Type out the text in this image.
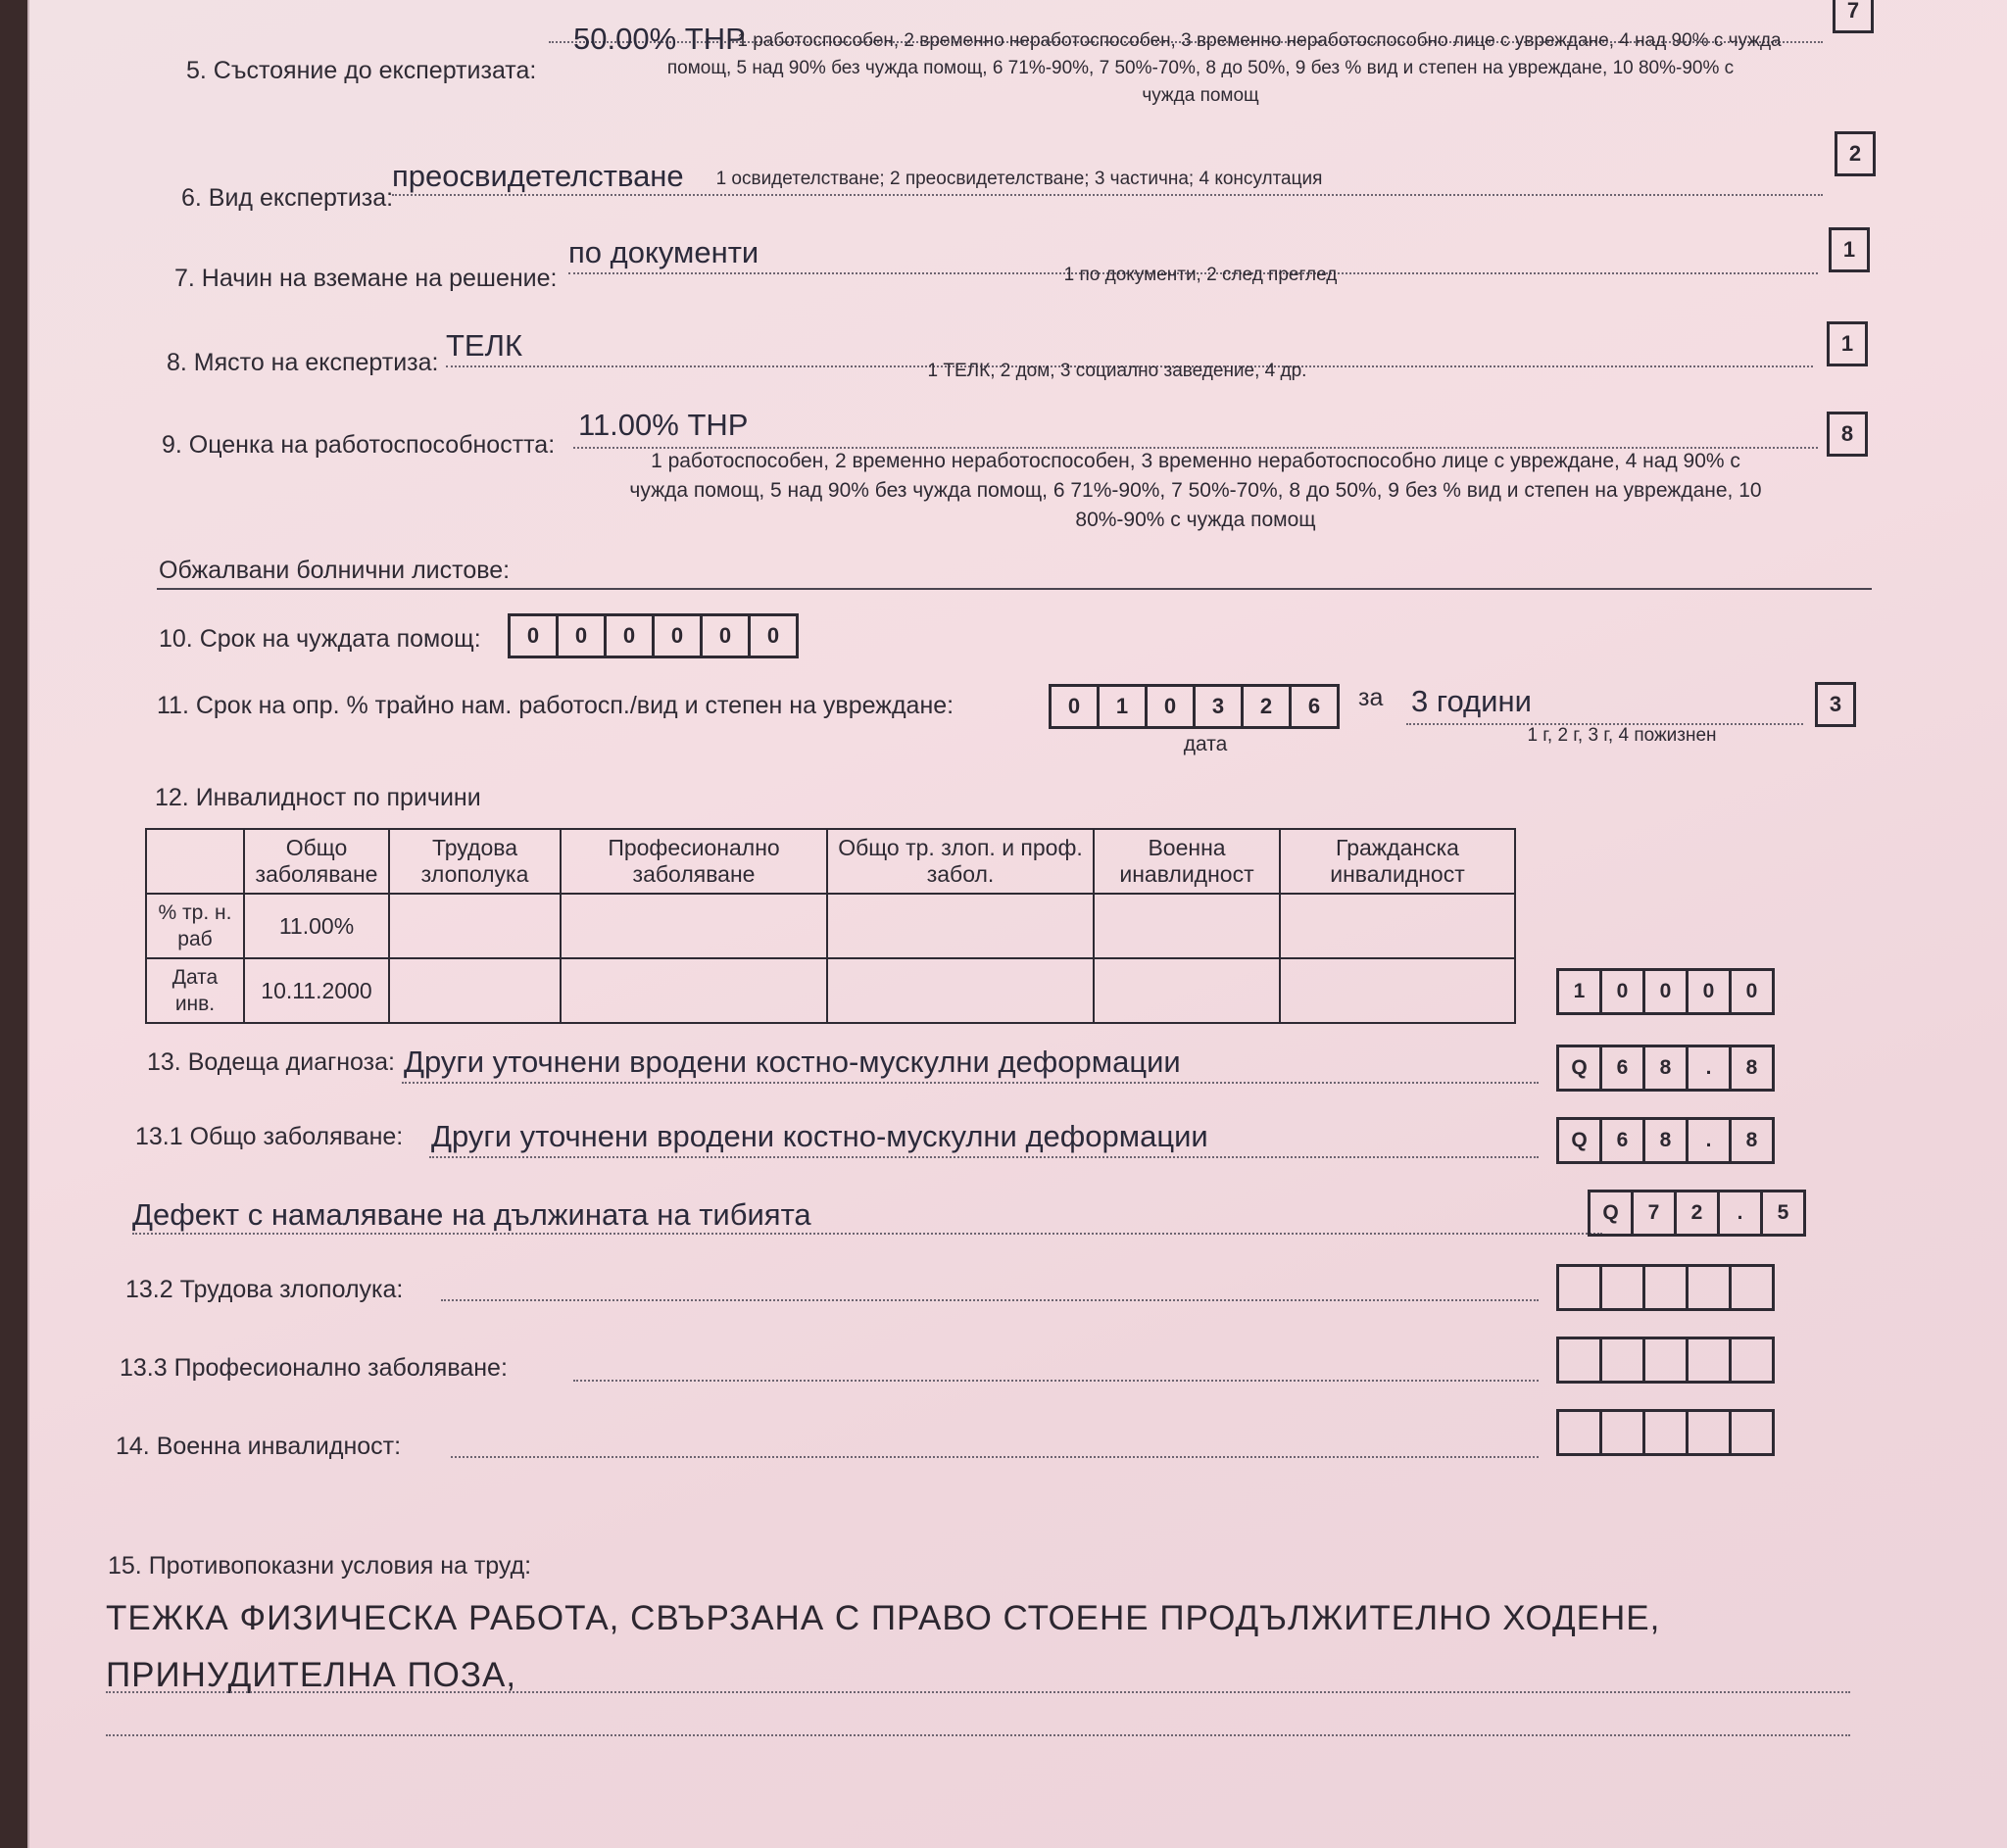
7
5. Състояние до експертизата:
50.00% ТНР
1 работоспособен, 2 временно неработоспособен, 3 временно неработоспособно лице с увреждане, 4 над 90% с чужда
помощ, 5 над 90% без чужда помощ, 6 71%-90%, 7 50%-70%, 8 до 50%, 9 без % вид и степен на увреждане, 10 80%-90% с
чужда помощ
6. Вид експертиза:
преосвидетелстване	1 освидетелстване; 2 преосвидетелстване; 3 частична; 4 консултация
2
7. Начин на вземане на решение:
по документи
1 по документи, 2 след преглед
1
8. Място на експертиза: ТЕЛК
1 ТЕЛК, 2 дом, 3 социално заведение, 4 др.
1
9. Оценка на работоспособността:
11.00% ТНР
1 работоспособен, 2 временно неработоспособен, 3 временно неработоспособно лице с увреждане, 4 над 90% с
чужда помощ, 5 над 90% без чужда помощ, 6 71%-90%, 7 50%-70%, 8 до 50%, 9 без % вид и степен на увреждане, 10
80%-90% с чужда помощ
8
Обжалвани болнични листове:
10. Срок на чуждата помощ:	0	0	0	0	0	0
11. Срок на опр. % трайно нам. работосп./вид и степен на увреждане:	0	1	0	3	2	6
дата
за 3 години
1 г, 2 г, 3 г, 4 пожизнен
3
12. Инвалидност по причини
	Общо заболяване	Трудова злополука	Професионално заболяване	Общо тр. злоп. и проф. забол.	Военна инавлидност	Гражданска инвалидност
% тр. н. раб	11.00%					
Дата инв.	10.11.2000						1	0	0	0	0
13. Водеща диагноза: Други уточнени вродени костно-мускулни деформации	Q	6	8	.	8
13.1 Общо заболяване: Други уточнени вродени костно-мускулни деформации	Q	6	8	.	8
Дефект с намаляване на дължината на тибията	Q	7	2	.	5
13.2 Трудова злополука:
13.3 Професионално заболяване:
14. Военна инвалидност:
15. Противопоказни условия на труд:
ТЕЖКА ФИЗИЧЕСКА РАБОТА, СВЪРЗАНА С ПРАВО СТОЕНЕ ПРОДЪЛЖИТЕЛНО ХОДЕНЕ,
ПРИНУДИТЕЛНА ПОЗА,
